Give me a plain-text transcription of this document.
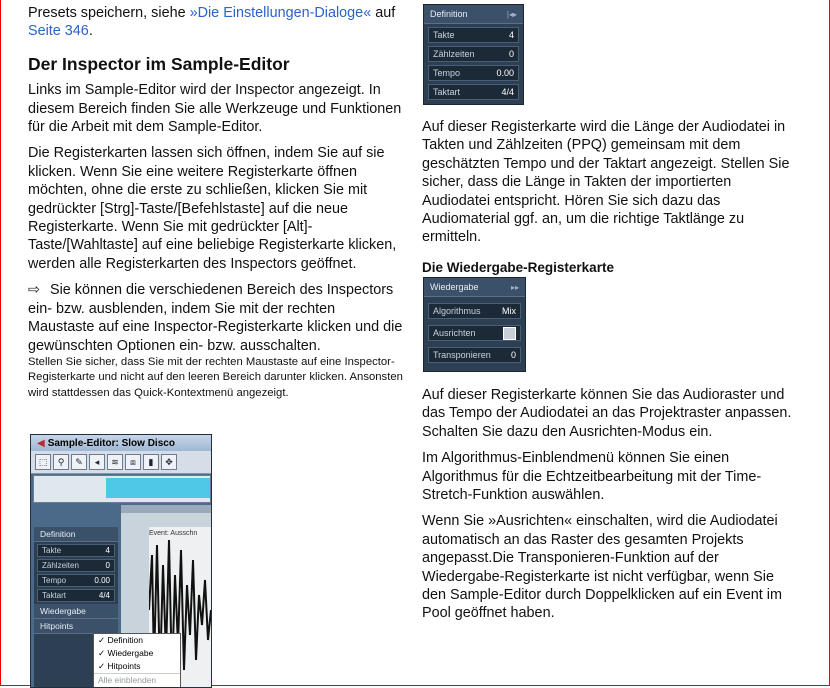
Presets speichern, siehe »Die Einstellungen-Dialoge« auf Seite 346.

Der Inspector im Sample-Editor

Links im Sample-Editor wird der Inspector angezeigt. In diesem Bereich finden Sie alle Werkzeuge und Funktionen für die Arbeit mit dem Sample-Editor.

Die Registerkarten lassen sich öffnen, indem Sie auf sie klicken. Wenn Sie eine weitere Registerkarte öffnen möchten, ohne die erste zu schließen, klicken Sie mit gedrückter [Strg]-Taste/[Befehlstaste] auf die neue Registerkarte. Wenn Sie mit gedrückter [Alt]-Taste/[Wahltaste] auf eine beliebige Registerkarte klicken, werden alle Registerkarten des Inspectors geöffnet.

⇨ Sie können die verschiedenen Bereich des Inspectors ein- bzw. ausblenden, indem Sie mit der rechten Maustaste auf eine Inspector-Registerkarte klicken und die gewünschten Optionen ein- bzw. ausschalten.

Stellen Sie sicher, dass Sie mit der rechten Maustaste auf eine Inspector-Registerkarte und nicht auf den leeren Bereich darunter klicken. Ansonsten wird stattdessen das Quick-Kontextmenü angezeigt.

◀ Sample-Editor: Slow Disco
⬚	⚲	✎	◂	≋	⧈	▮	✥
Event: Ausschn
Definition
Takte	4
Zählzeiten	0
Tempo	0.00
Taktart	4/4
Wiedergabe
Hitpoints
✓ Definition
✓ Wiedergabe
✓ Hitpoints
Alle einblenden
Definition	|◂▸
Takte	4
Zählzeiten	0
Tempo	0.00
Taktart	4/4

Auf dieser Registerkarte wird die Länge der Audiodatei in Takten und Zählzeiten (PPQ) gemeinsam mit dem geschätzten Tempo und der Taktart angezeigt. Stellen Sie sicher, dass die Länge in Takten der importierten Audiodatei entspricht. Hören Sie sich dazu das Audiomaterial ggf. an, um die richtige Taktlänge zu ermitteln.

Die Wiedergabe-Registerkarte
Wiedergabe	▸▸
Algorithmus Mix
Ausrichten
Transponieren 0

Auf dieser Registerkarte können Sie das Audioraster und das Tempo der Audiodatei an das Projektraster anpassen. Schalten Sie dazu den Ausrichten-Modus ein.

Im Algorithmus-Einblendmenü können Sie einen Algorithmus für die Echtzeitbearbeitung mit der Time-Stretch-Funktion auswählen.

Wenn Sie »Ausrichten« einschalten, wird die Audiodatei automatisch an das Raster des gesamten Projekts angepasst.Die Transponieren-Funktion auf der Wiedergabe-Registerkarte ist nicht verfügbar, wenn Sie den Sample-Editor durch Doppelklicken auf ein Event im Pool geöffnet haben.
